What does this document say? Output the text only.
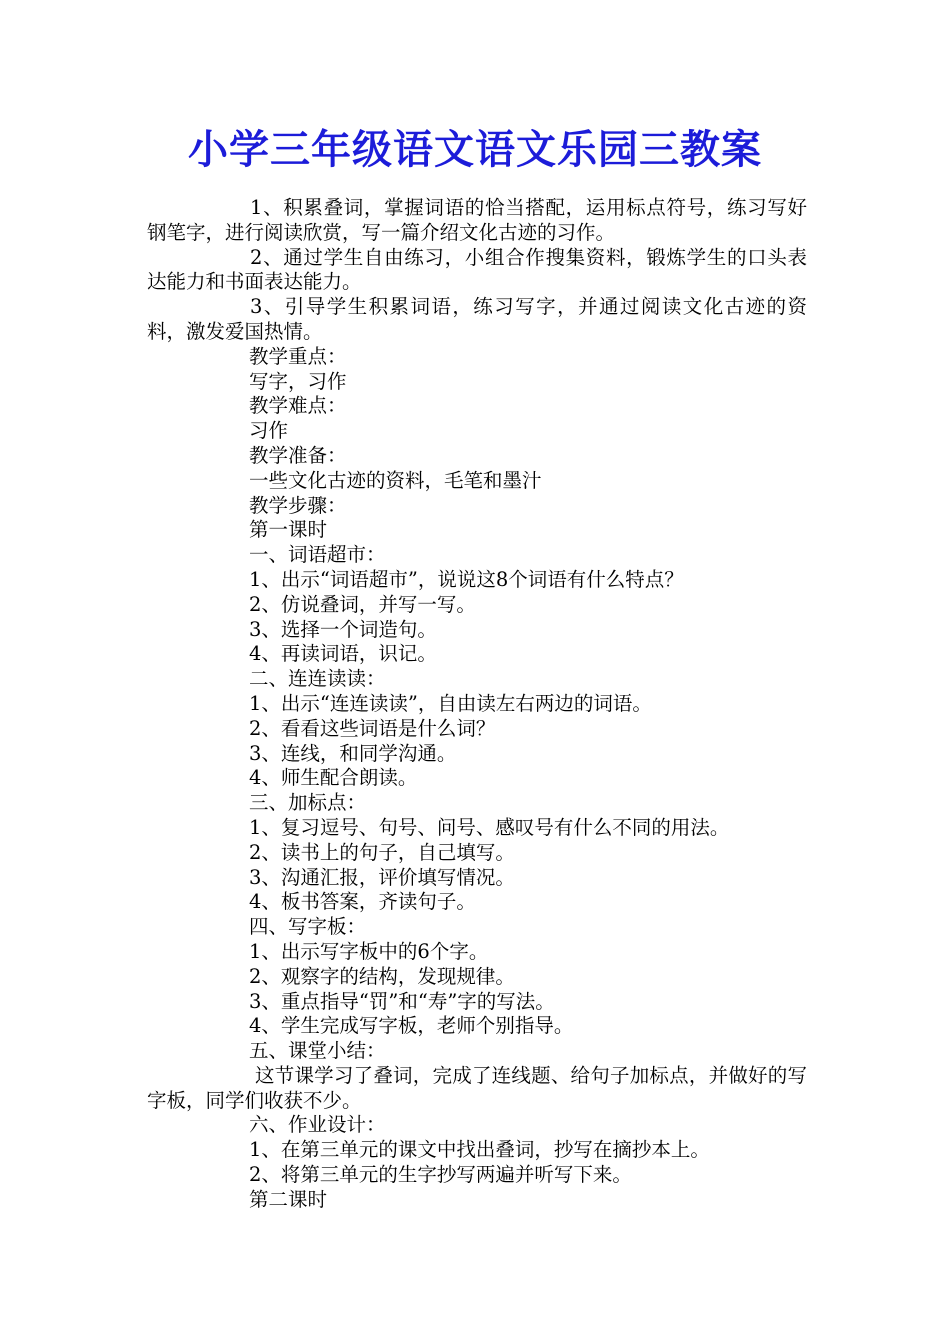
小学三年级语文语文乐园三教案

1、积累叠词，掌握词语的恰当搭配，运用标点符号，练习写好钢笔字，进行阅读欣赏，写一篇介绍文化古迹的习作。

2、通过学生自由练习，小组合作搜集资料，锻炼学生的口头表达能力和书面表达能力。

3、引导学生积累词语，练习写字，并通过阅读文化古迹的资料，激发爱国热情。

教学重点：

写字，习作

教学难点：

习作

教学准备：

一些文化古迹的资料，毛笔和墨汁

教学步骤：

第一课时

一、词语超市：

1、出示“词语超市”，说说这8个词语有什么特点？

2、仿说叠词，并写一写。

3、选择一个词造句。

4、再读词语，识记。

二、连连读读：

1、出示“连连读读”，自由读左右两边的词语。

2、看看这些词语是什么词？

3、连线，和同学沟通。

4、师生配合朗读。

三、加标点：

1、复习逗号、句号、问号、感叹号有什么不同的用法。

2、读书上的句子，自己填写。

3、沟通汇报，评价填写情况。

4、板书答案，齐读句子。

四、写字板：

1、出示写字板中的6个字。

2、观察字的结构，发现规律。

3、重点指导“罚”和“寿”字的写法。

4、学生完成写字板，老师个别指导。

五、课堂小结：

这节课学习了叠词，完成了连线题、给句子加标点，并做好的写字板，同学们收获不少。

六、作业设计：

1、在第三单元的课文中找出叠词，抄写在摘抄本上。

2、将第三单元的生字抄写两遍并听写下来。

第二课时
